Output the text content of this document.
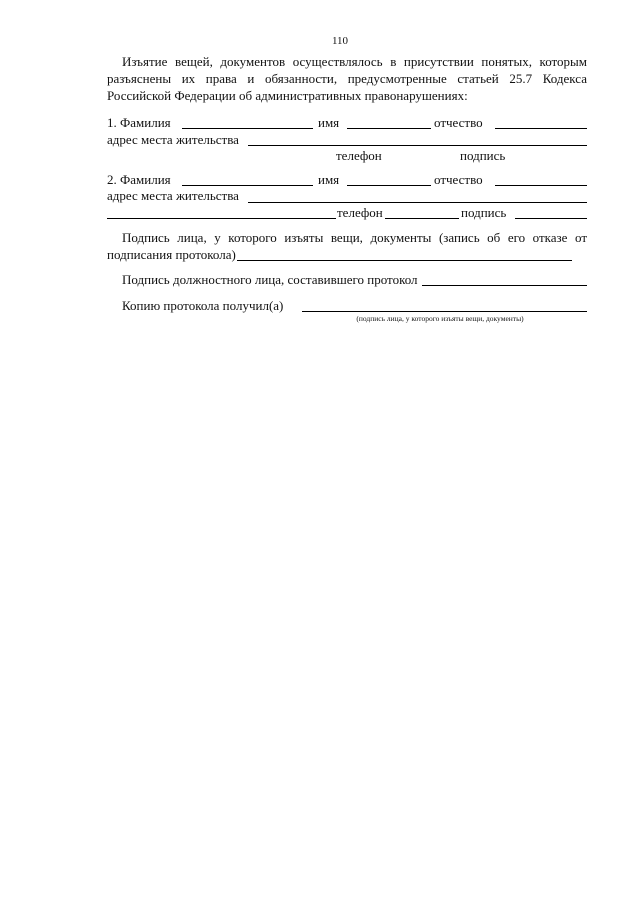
110
Изъятие вещей, документов осуществлялось в присутствии понятых, которым
разъяснены их права и обязанности, предусмотренные статьей 25.7 Кодекса
Российской Федерации об административных правонарушениях:
1. Фамилия	имя	отчество
адрес места жительства
телефон	подпись
2. Фамилия	имя	отчество
адрес места жительства
телефон	подпись
Подпись лица, у которого изъяты вещи, документы (запись об его отказе от
подписания протокола)
Подпись должностного лица, составившего протокол
Копию протокола получил(а)
(подпись лица, у которого изъяты вещи, документы)
